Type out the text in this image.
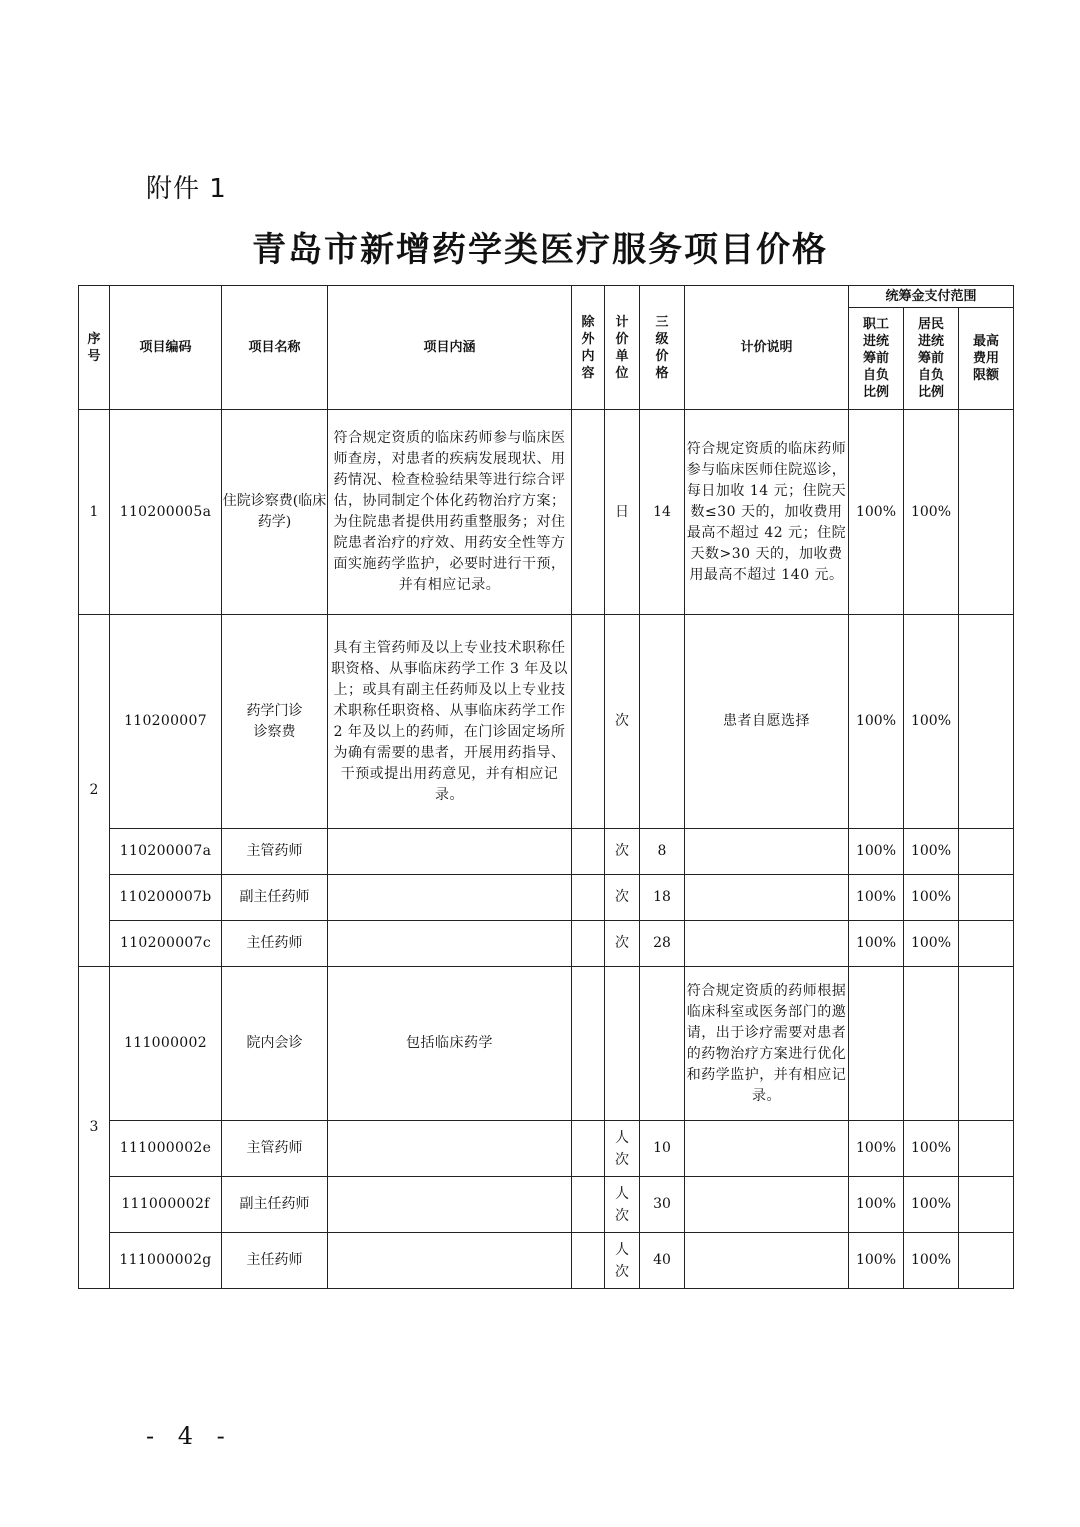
附件 1
青岛市新增药学类医疗服务项目价格
序号	项目编码	项目名称	项目内涵	除外内容	计价单位	三级价格	计价说明	统筹金支付范围		
								职工进统筹前自负比例	居民进统筹前自负比例	最高费用限额
1	110200005a	住院诊察费(临床药学)	符合规定资质的临床药师参与临床医师查房，对患者的疾病发展现状、用药情况、检查检验结果等进行综合评估，协同制定个体化药物治疗方案；为住院患者提供用药重整服务；对住院患者治疗的疗效、用药安全性等方面实施药学监护，必要时进行干预，并有相应记录。		日	14	符合规定资质的临床药师参与临床医师住院巡诊，每日加收 14 元；住院天数≤30 天的，加收费用最高不超过 42 元；住院天数>30 天的，加收费用最高不超过 140 元。	100%	100%	
2	110200007	药学门诊诊察费	具有主管药师及以上专业技术职称任职资格、从事临床药学工作 3 年及以上；或具有副主任药师及以上专业技术职称任职资格、从事临床药学工作 2 年及以上的药师，在门诊固定场所为确有需要的患者，开展用药指导、干预或提出用药意见，并有相应记录。		次		患者自愿选择	100%	100%	
	110200007a	主管药师			次	8		100%	100%	
	110200007b	副主任药师			次	18		100%	100%	
	110200007c	主任药师			次	28		100%	100%	
3	111000002	院内会诊	包括临床药学				符合规定资质的药师根据临床科室或医务部门的邀请，出于诊疗需要对患者的药物治疗方案进行优化和药学监护，并有相应记录。			
	111000002e	主管药师			人次	10		100%	100%	
	111000002f	副主任药师			人次	30		100%	100%	
	111000002g	主任药师			人次	40		100%	100%	
- 4 -
